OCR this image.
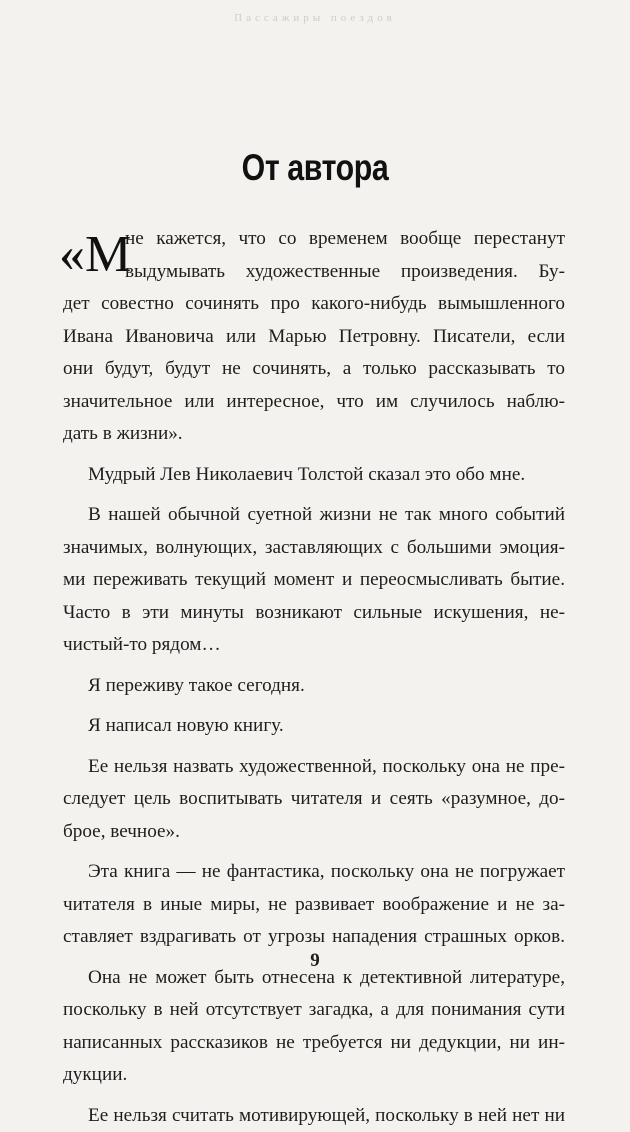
Пассажиры поездов
От автора
«М
не кажется, что со временем вообще перестанут
выдумывать художественные произведения. Бу-
дет совестно сочинять про какого-нибудь вымышленного
Ивана Ивановича или Марью Петровну. Писатели, если
они будут, будут не сочинять, а только рассказывать то
значительное или интересное, что им случилось наблю-
дать в жизни».
Мудрый Лев Николаевич Толстой сказал это обо мне.
В нашей обычной суетной жизни не так много событий
значимых, волнующих, заставляющих с большими эмоция-
ми переживать текущий момент и переосмысливать бытие.
Часто в эти минуты возникают сильные искушения, не-
чистый-то рядом…
Я переживу такое сегодня.
Я написал новую книгу.
Ее нельзя назвать художественной, поскольку она не пре-
следует цель воспитывать читателя и сеять «разумное, до-
брое, вечное».
Эта книга — не фантастика, поскольку она не погружает
читателя в иные миры, не развивает воображение и не за-
ставляет вздрагивать от угрозы нападения страшных орков.
Она не может быть отнесена к детективной литературе,
поскольку в ней отсутствует загадка, а для понимания сути
написанных рассказиков не требуется ни дедукции, ни ин-
дукции.
Ее нельзя считать мотивирующей, поскольку в ней нет ни
9
